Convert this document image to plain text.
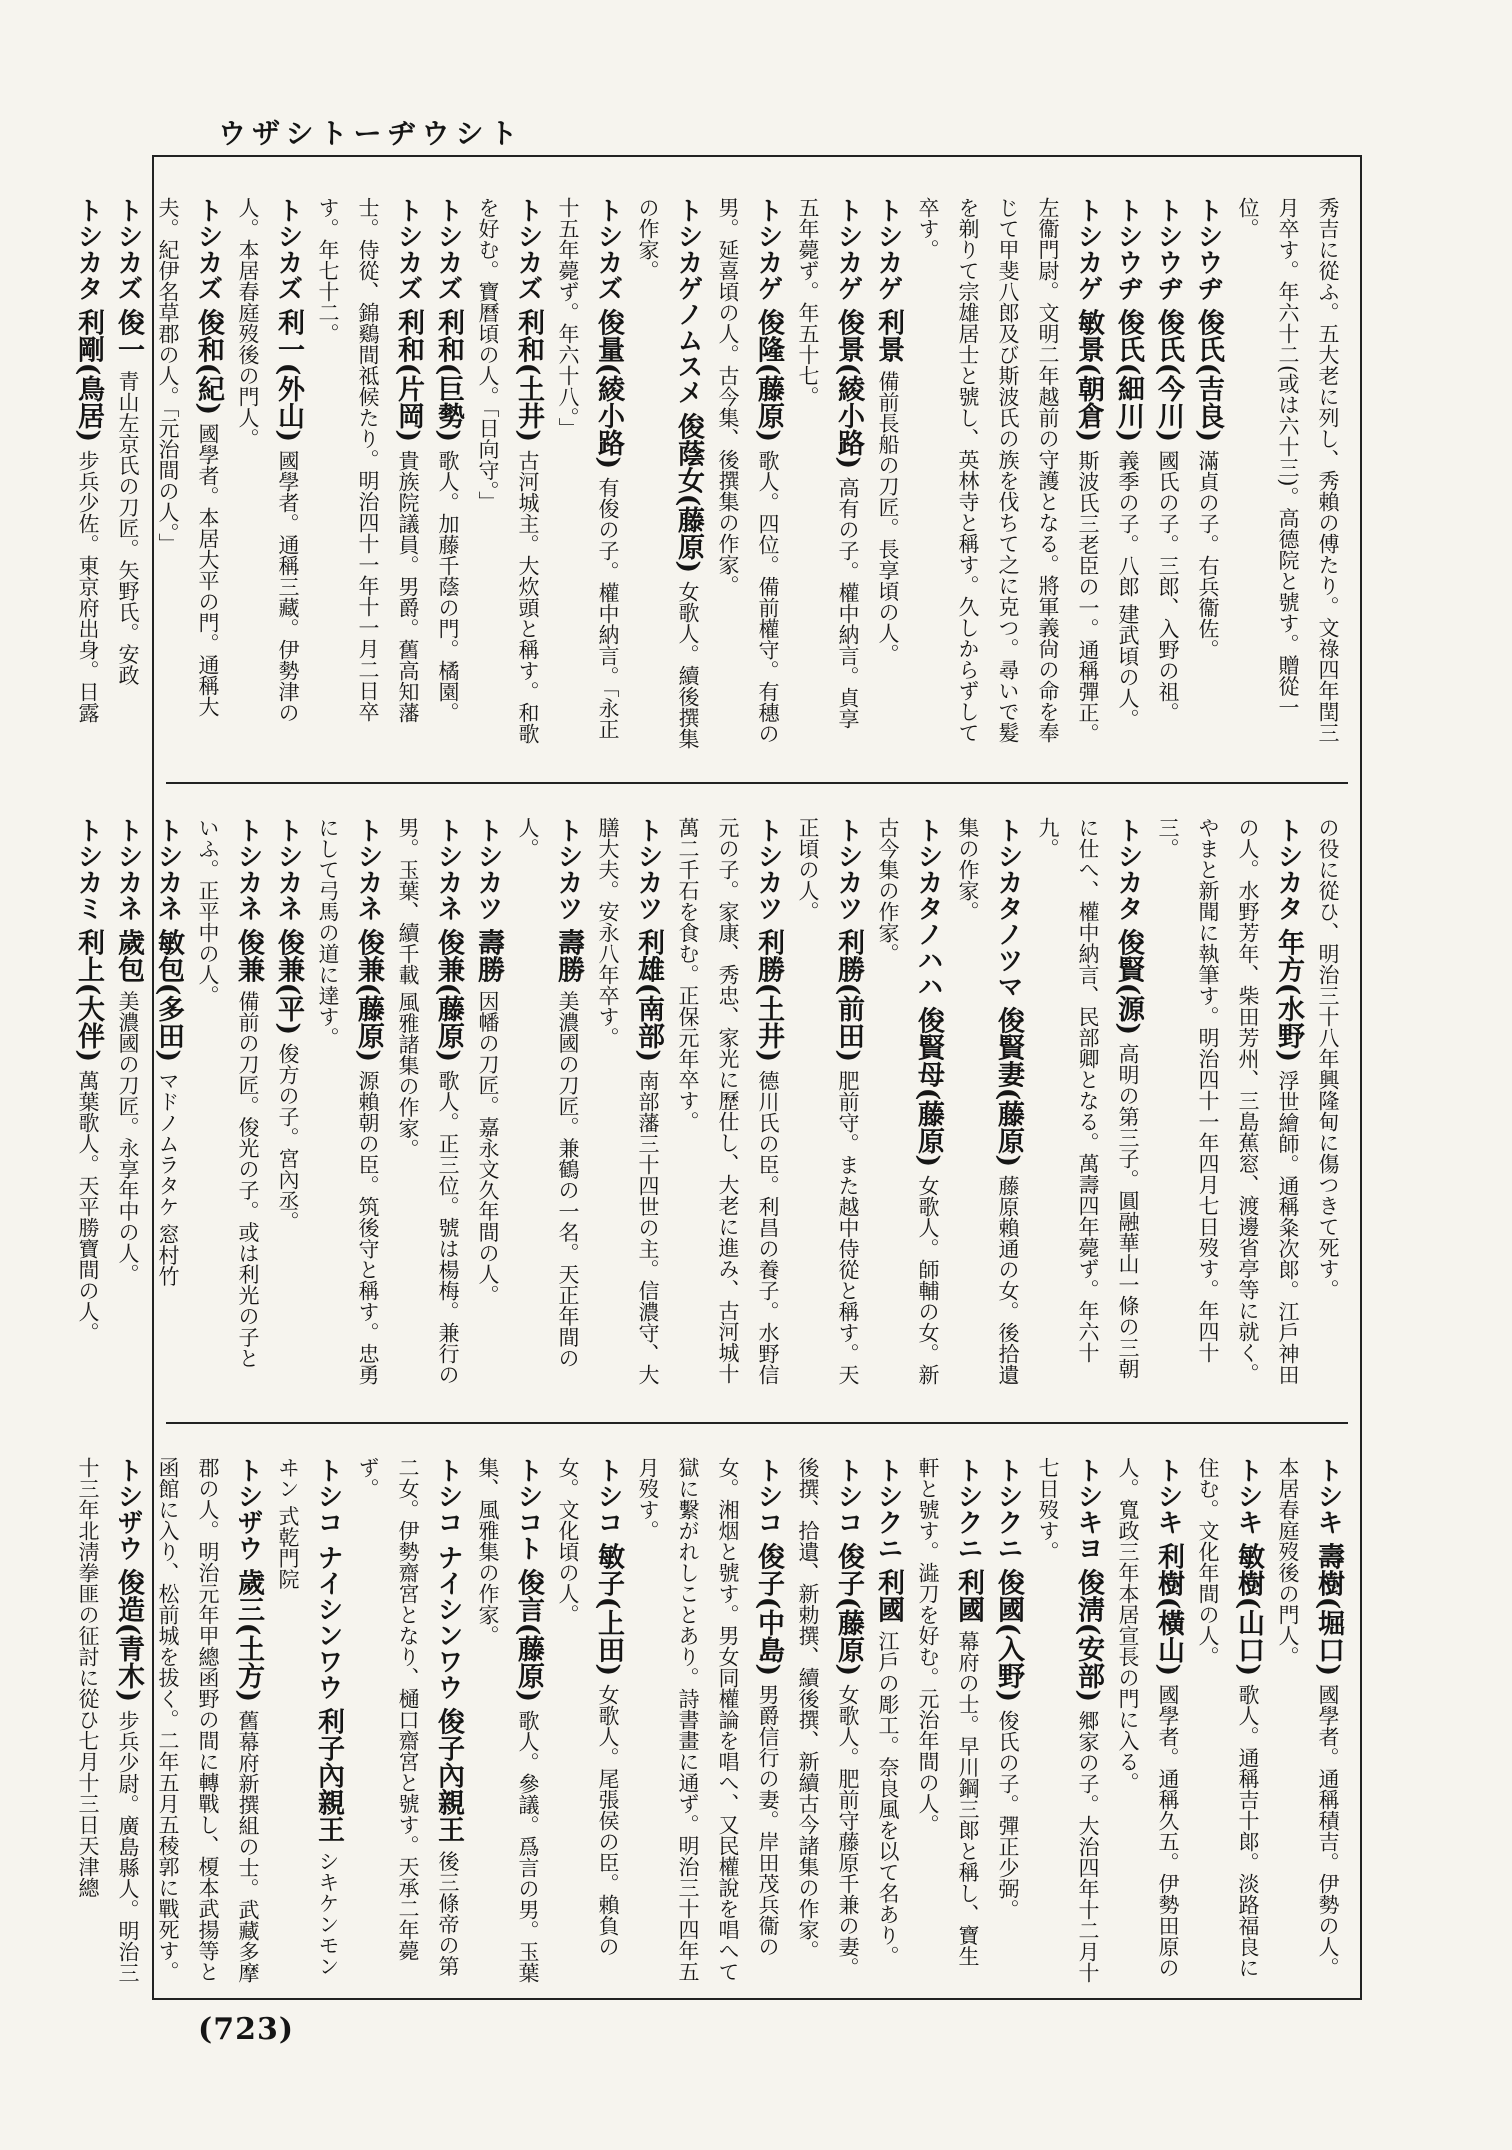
ウザシトーヂウシト

秀吉に從ふ。五大老に列し、秀賴の傅たり。文祿四年閏三月卒す。年六十二(或は六十三)。高德院と號す。贈從一位。

トシウヂ 俊氏(吉良) 滿貞の子。右兵衞佐。

トシウヂ 俊氏(今川) 國氏の子。三郎、入野の祖。

トシウヂ 俊氏(細川) 義季の子。八郎 建武頃の人。

トシカゲ 敏景(朝倉) 斯波氏三老臣の一。通稱彈正。左衞門尉。文明二年越前の守護となる。將軍義尙の命を奉じて甲斐八郎及び斯波氏の族を伐ちて之に克つ。尋いで髮を剃りて宗雄居士と號し、英林寺と稱す。久しからずして卒す。

トシカゲ 利景 備前長船の刀匠。長享頃の人。

トシカゲ 俊景(綾小路) 高有の子。權中納言。貞享五年薨ず。年五十七。

トシカゲ 俊隆(藤原) 歌人。四位。備前權守。有穗の男。延喜頃の人。古今集、後撰集の作家。

トシカゲノムスメ 俊蔭女(藤原) 女歌人。續後撰集の作家。

トシカズ 俊量(綾小路) 有俊の子。權中納言。「永正十五年薨ず。年六十八。」

トシカズ 利和(土井) 古河城主。大炊頭と稱す。和歌を好む。寶曆頃の人。「日向守。」

トシカズ 利和(巨勢) 歌人。加藤千蔭の門。橘園。

トシカズ 利和(片岡) 貴族院議員。男爵。舊高知藩士。侍從、錦鷄間祗候たり。明治四十一年十一月二日卒す。年七十二。

トシカズ 利一(外山) 國學者。通稱三藏。伊勢津の人。本居春庭歿後の門人。

トシカズ 俊和(紀) 國學者。本居大平の門。通稱大夫。紀伊名草郡の人。「元治間の人。」

トシカズ 俊一 青山左京氏の刀匠。矢野氏。安政

トシカタ 利剛(鳥居) 步兵少佐。東京府出身。日露

の役に從ひ、明治三十八年興隆甸に傷つきて死す。

トシカタ 年方(水野) 浮世繪師。通稱粂次郞。江戶神田の人。水野芳年、柴田芳州、三島蕉窓、渡邊省亭等に就く。やまと新聞に執筆す。明治四十一年四月七日歿す。年四十三。

トシカタ 俊賢(源) 高明の第三子。圓融華山一條の三朝に仕へ、權中納言、民部卿となる。萬壽四年薨ず。年六十九。

トシカタノツマ 俊賢妻(藤原) 藤原賴通の女。後拾遺集の作家。

トシカタノハハ 俊賢母(藤原) 女歌人。師輔の女。新古今集の作家。

トシカツ 利勝(前田) 肥前守。また越中侍從と稱す。天正頃の人。

トシカツ 利勝(土井) 德川氏の臣。利昌の養子。水野信元の子。家康、秀忠、家光に歷仕し、大老に進み、古河城十萬二千石を食む。正保元年卒す。

トシカツ 利雄(南部) 南部藩三十四世の主。信濃守、大膳大夫。安永八年卒す。

トシカツ 壽勝 美濃國の刀匠。兼鶴の一名。天正年間の人。

トシカツ 壽勝 因幡の刀匠。嘉永文久年間の人。

トシカネ 俊兼(藤原) 歌人。正三位。號は楊梅。兼行の男。玉葉、續千載 風雅諸集の作家。

トシカネ 俊兼(藤原) 源賴朝の臣。筑後守と稱す。忠勇にして弓馬の道に達す。

トシカネ 俊兼(平) 俊方の子。宮內丞。

トシカネ 俊兼 備前の刀匠。俊光の子。或は利光の子といふ。正平中の人。

トシカネ 敏包(多田) マドノムラタケ 窓村竹

トシカネ 歲包 美濃國の刀匠。永享年中の人。

トシカミ 利上(大伴) 萬葉歌人。天平勝寶間の人。

トシキ 壽樹(堀口) 國學者。通稱積吉。伊勢の人。本居春庭歿後の門人。

トシキ 敏樹(山口) 歌人。通稱吉十郞。淡路福良に住む。文化年間の人。

トシキ 利樹(橫山) 國學者。通稱久五。伊勢田原の人。寬政三年本居宣長の門に入る。

トシキヨ 俊淸(安部) 郷家の子。大治四年十二月十七日歿す。

トシクニ 俊國(入野) 俊氏の子。彈正少弼。

トシクニ 利國 幕府の士。早川鋼三郞と稱し、寶生軒と號す。澁刀を好む。元治年間の人。

トシクニ 利國 江戶の彫工。奈良風を以て名あり。

トシコ 俊子(藤原) 女歌人。肥前守藤原千兼の妻。後撰、拾遺、新勅撰、續後撰、新續古今諸集の作家。

トシコ 俊子(中島) 男爵信行の妻。岸田茂兵衞の女。湘烟と號す。男女同權論を唱へ、又民權說を唱へて獄に繫がれしことあり。詩書畫に通ず。明治三十四年五月歿す。

トシコ 敏子(上田) 女歌人。尾張侯の臣。賴負の女。文化頃の人。

トシコト 俊言(藤原) 歌人。參議。爲言の男。玉葉集、風雅集の作家。

トシコ ナイシンワウ 俊子內親王 後三條帝の第二女。伊勢齋宮となり、樋口齋宮と號す。天承二年薨ず。

トシコ ナイシンワウ 利子內親王 シキケンモンヰン 式乾門院

トシザウ 歲三(土方) 舊幕府新撰組の士。武藏多摩郡の人。明治元年甲總函野の間に轉戰し、榎本武揚等と函館に入り、松前城を拔く。二年五月五稜郭に戰死す。

トシザウ 俊造(青木) 步兵少尉。廣島縣人。明治三十三年北淸拳匪の征討に從ひ七月十三日天津總

(723)
